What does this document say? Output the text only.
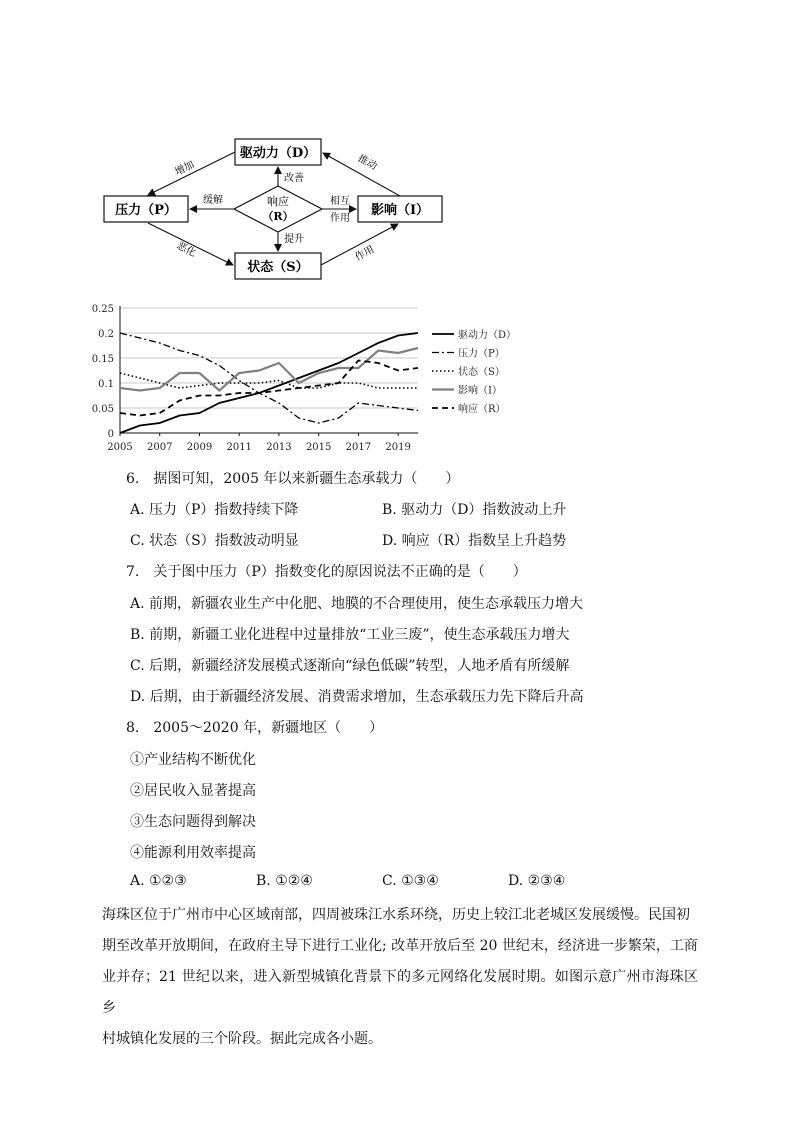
驱动力（D）
压力（P）	影响（I）
状态（S）
响应
（R）
增加	推动
缓解
改善
相互
作用
提升
恶化	作用
0
0.05
0.1
0.15
0.2
0.25
2005 2007 2009 2011 2013 2015 2017 2019
驱动力（D）
压力（P）
状态（S）
影响（I）
响应（R）
6.　据图可知，2005 年以来新疆生态承载力（　　）
A. 压力（P）指数持续下降	B. 驱动力（D）指数波动上升
C. 状态（S）指数波动明显	D. 响应（R）指数呈上升趋势
7.　关于图中压力（P）指数变化的原因说法不正确的是（　　）
A. 前期，新疆农业生产中化肥、地膜的不合理使用，使生态承载压力增大
B. 前期，新疆工业化进程中过量排放“工业三废”，使生态承载压力增大
C. 后期，新疆经济发展模式逐渐向“绿色低碳”转型，人地矛盾有所缓解
D. 后期，由于新疆经济发展、消费需求增加，生态承载压力先下降后升高
8.　2005～2020 年，新疆地区（　　）
①产业结构不断优化
②居民收入显著提高
③生态问题得到解决
④能源利用效率提高
A. ①②③	B. ①②④	C. ①③④	D. ②③④
海珠区位于广州市中心区域南部，四周被珠江水系环绕，历史上较江北老城区发展缓慢。民国初
期至改革开放期间，在政府主导下进行工业化; 改革开放后至 20 世纪末，经济进一步繁荣，工商
业并存；21 世纪以来，进入新型城镇化背景下的多元网络化发展时期。如图示意广州市海珠区乡
村城镇化发展的三个阶段。据此完成各小题。
